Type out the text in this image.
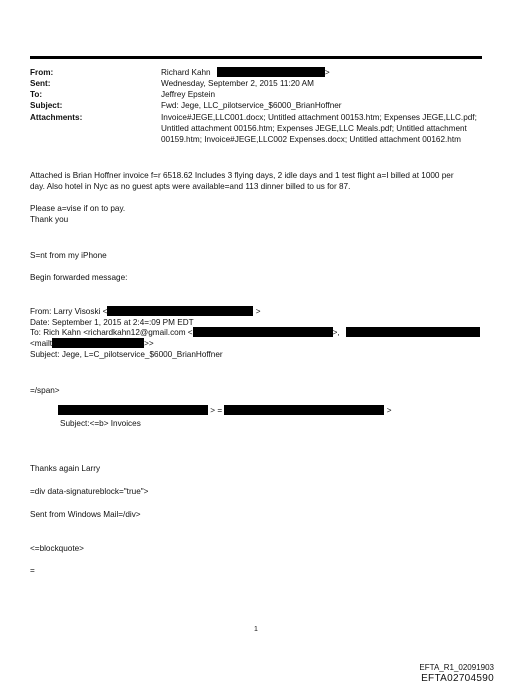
From:	Richard Kahn	>
Sent:	Wednesday, September 2, 2015 11:20 AM
To:	Jeffrey Epstein
Subject:	Fwd: Jege, LLC_pilotservice_$6000_BrianHoffner
Attachments:	Invoice#JEGE,LLC001.docx; Untitled attachment 00153.htm; Expenses JEGE,LLC.pdf;
Untitled attachment 00156.htm; Expenses JEGE,LLC Meals.pdf; Untitled attachment
00159.htm; Invoice#JEGE,LLC002 Expenses.docx; Untitled attachment 00162.htm
Attached is Brian Hoffner invoice f=r 6518.62 Includes 3 flying days, 2 idle days and 1 test flight a=I billed at 1000 per
day. Also hotel in Nyc as no guest apts were available=and 113 dinner billed to us for 87.
Please a=vise if on to pay.
Thank you
S=nt from my iPhone
Begin forwarded message:
From: Larry Visoski <	>
Date: September 1, 2015 at 2:4=:09 PM EDT
To: Rich Kahn <richardkahn12@gmail.com <	>,
<mailt	>>
Subject: Jege, L=C_pilotservice_$6000_BrianHoffner
=/span>
> =	>
Subject:<=b> Invoices
Thanks again Larry
=div data-signatureblock="true">
Sent from Windows Mail=/div>
<=blockquote>
=
1
EFTA_R1_02091903
EFTA02704590
